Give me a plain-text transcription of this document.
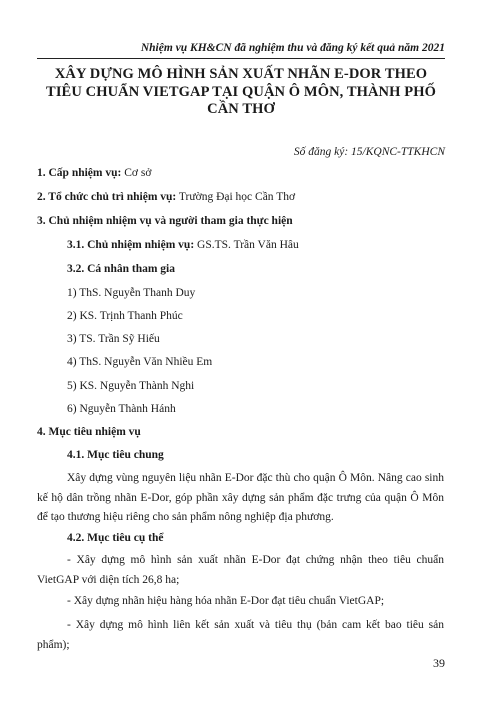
Nhiệm vụ KH&CN đã nghiệm thu và đăng ký kết quả năm 2021
XÂY DỰNG MÔ HÌNH SẢN XUẤT NHÃN E-DOR THEO TIÊU CHUẨN VIETGAP TẠI QUẬN Ô MÔN, THÀNH PHỐ CẦN THƠ
Số đăng ký: 15/KQNC-TTKHCN
1. Cấp nhiệm vụ: Cơ sở
2. Tổ chức chủ trì nhiệm vụ: Trường Đại học Cần Thơ
3. Chủ nhiệm nhiệm vụ và người tham gia thực hiện
3.1. Chủ nhiệm nhiệm vụ: GS.TS. Trần Văn Hâu
3.2. Cá nhân tham gia
1) ThS. Nguyễn Thanh Duy
2) KS. Trịnh Thanh Phúc
3) TS. Trần Sỹ Hiếu
4) ThS. Nguyễn Văn Nhiều Em
5) KS. Nguyễn Thành Nghi
6) Nguyễn Thành Hánh
4. Mục tiêu nhiệm vụ
4.1. Mục tiêu chung
Xây dựng vùng nguyên liệu nhãn E-Dor đặc thù cho quận Ô Môn. Nâng cao sinh kế hộ dân trồng nhãn E-Dor, góp phần xây dựng sản phẩm đặc trưng của quận Ô Môn để tạo thương hiệu riêng cho sản phẩm nông nghiệp địa phương.
4.2. Mục tiêu cụ thể
- Xây dựng mô hình sản xuất nhãn E-Dor đạt chứng nhận theo tiêu chuẩn VietGAP với diện tích 26,8 ha;
- Xây dựng nhãn hiệu hàng hóa nhãn E-Dor đạt tiêu chuẩn VietGAP;
- Xây dựng mô hình liên kết sản xuất và tiêu thụ (bản cam kết bao tiêu sản phẩm);
39
